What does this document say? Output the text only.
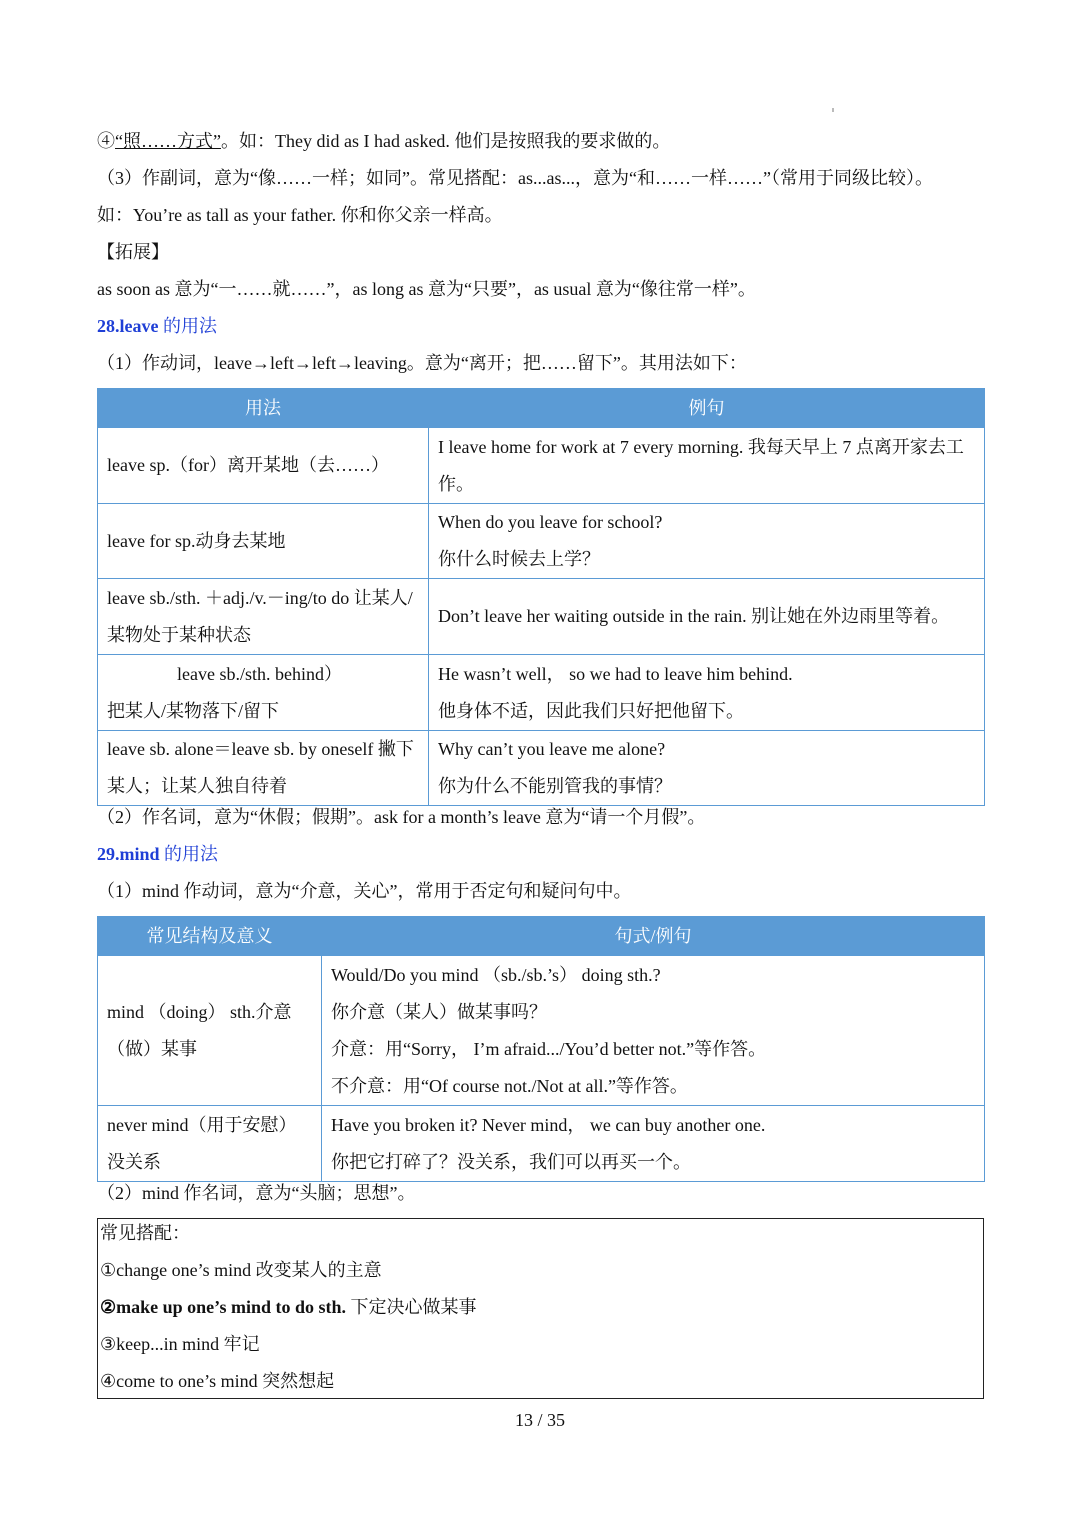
④“照……方式”。如：They did as I had asked. 他们是按照我的要求做的。
（3）作副词，意为“像……一样；如同”。常见搭配：as...as...，意为“和……一样……”（常用于同级比较）。
如：You’re as tall as your father. 你和你父亲一样高。
【拓展】
as soon as 意为“一……就……”，as long as 意为“只要”，as usual 意为“像往常一样”。
28.leave 的用法
（1）作动词，leave→left→left→leaving。意为“离开；把……留下”。其用法如下：
用法	例句
leave sp.（for）离开某地（去……）	I leave home for work at 7 every morning. 我每天早上 7 点离开家去工作。
leave for sp.动身去某地	When do you leave for school?
你什么时候去上学？

leave sb./sth. ＋adj./v.－ing/to do 让某人/某物处于某种状态	Don’t leave her waiting outside in the rain. 别让她在外边雨里等着。

leave sb./sth. behind）
把某人/某物落下/留下	He wasn’t well， so we had to leave him behind.
他身体不适，因此我们只好把他留下。

leave sb. alone＝leave sb. by oneself 撇下某人；让某人独自待着	Why can’t you leave me alone?
你为什么不能别管我的事情？
（2）作名词，意为“休假；假期”。ask for a month’s leave 意为“请一个月假”。
29.mind 的用法
（1）mind 作动词，意为“介意，关心”，常用于否定句和疑问句中。
常见结构及意义	句式/例句
mind （doing） sth.介意（做）某事	Would/Do you mind （sb./sb.’s） doing sth.?
你介意（某人）做某事吗？
介意：用“Sorry， I’m afraid.../You’d better not.”等作答。
不介意：用“Of course not./Not at all.”等作答。

never mind（用于安慰）没关系	Have you broken it? Never mind， we can buy another one.
你把它打碎了？没关系，我们可以再买一个。
（2）mind 作名词，意为“头脑；思想”。
常见搭配：
①change one’s mind 改变某人的主意
②make up one’s mind to do sth. 下定决心做某事
③keep...in mind 牢记
④come to one’s mind 突然想起
13 / 35
